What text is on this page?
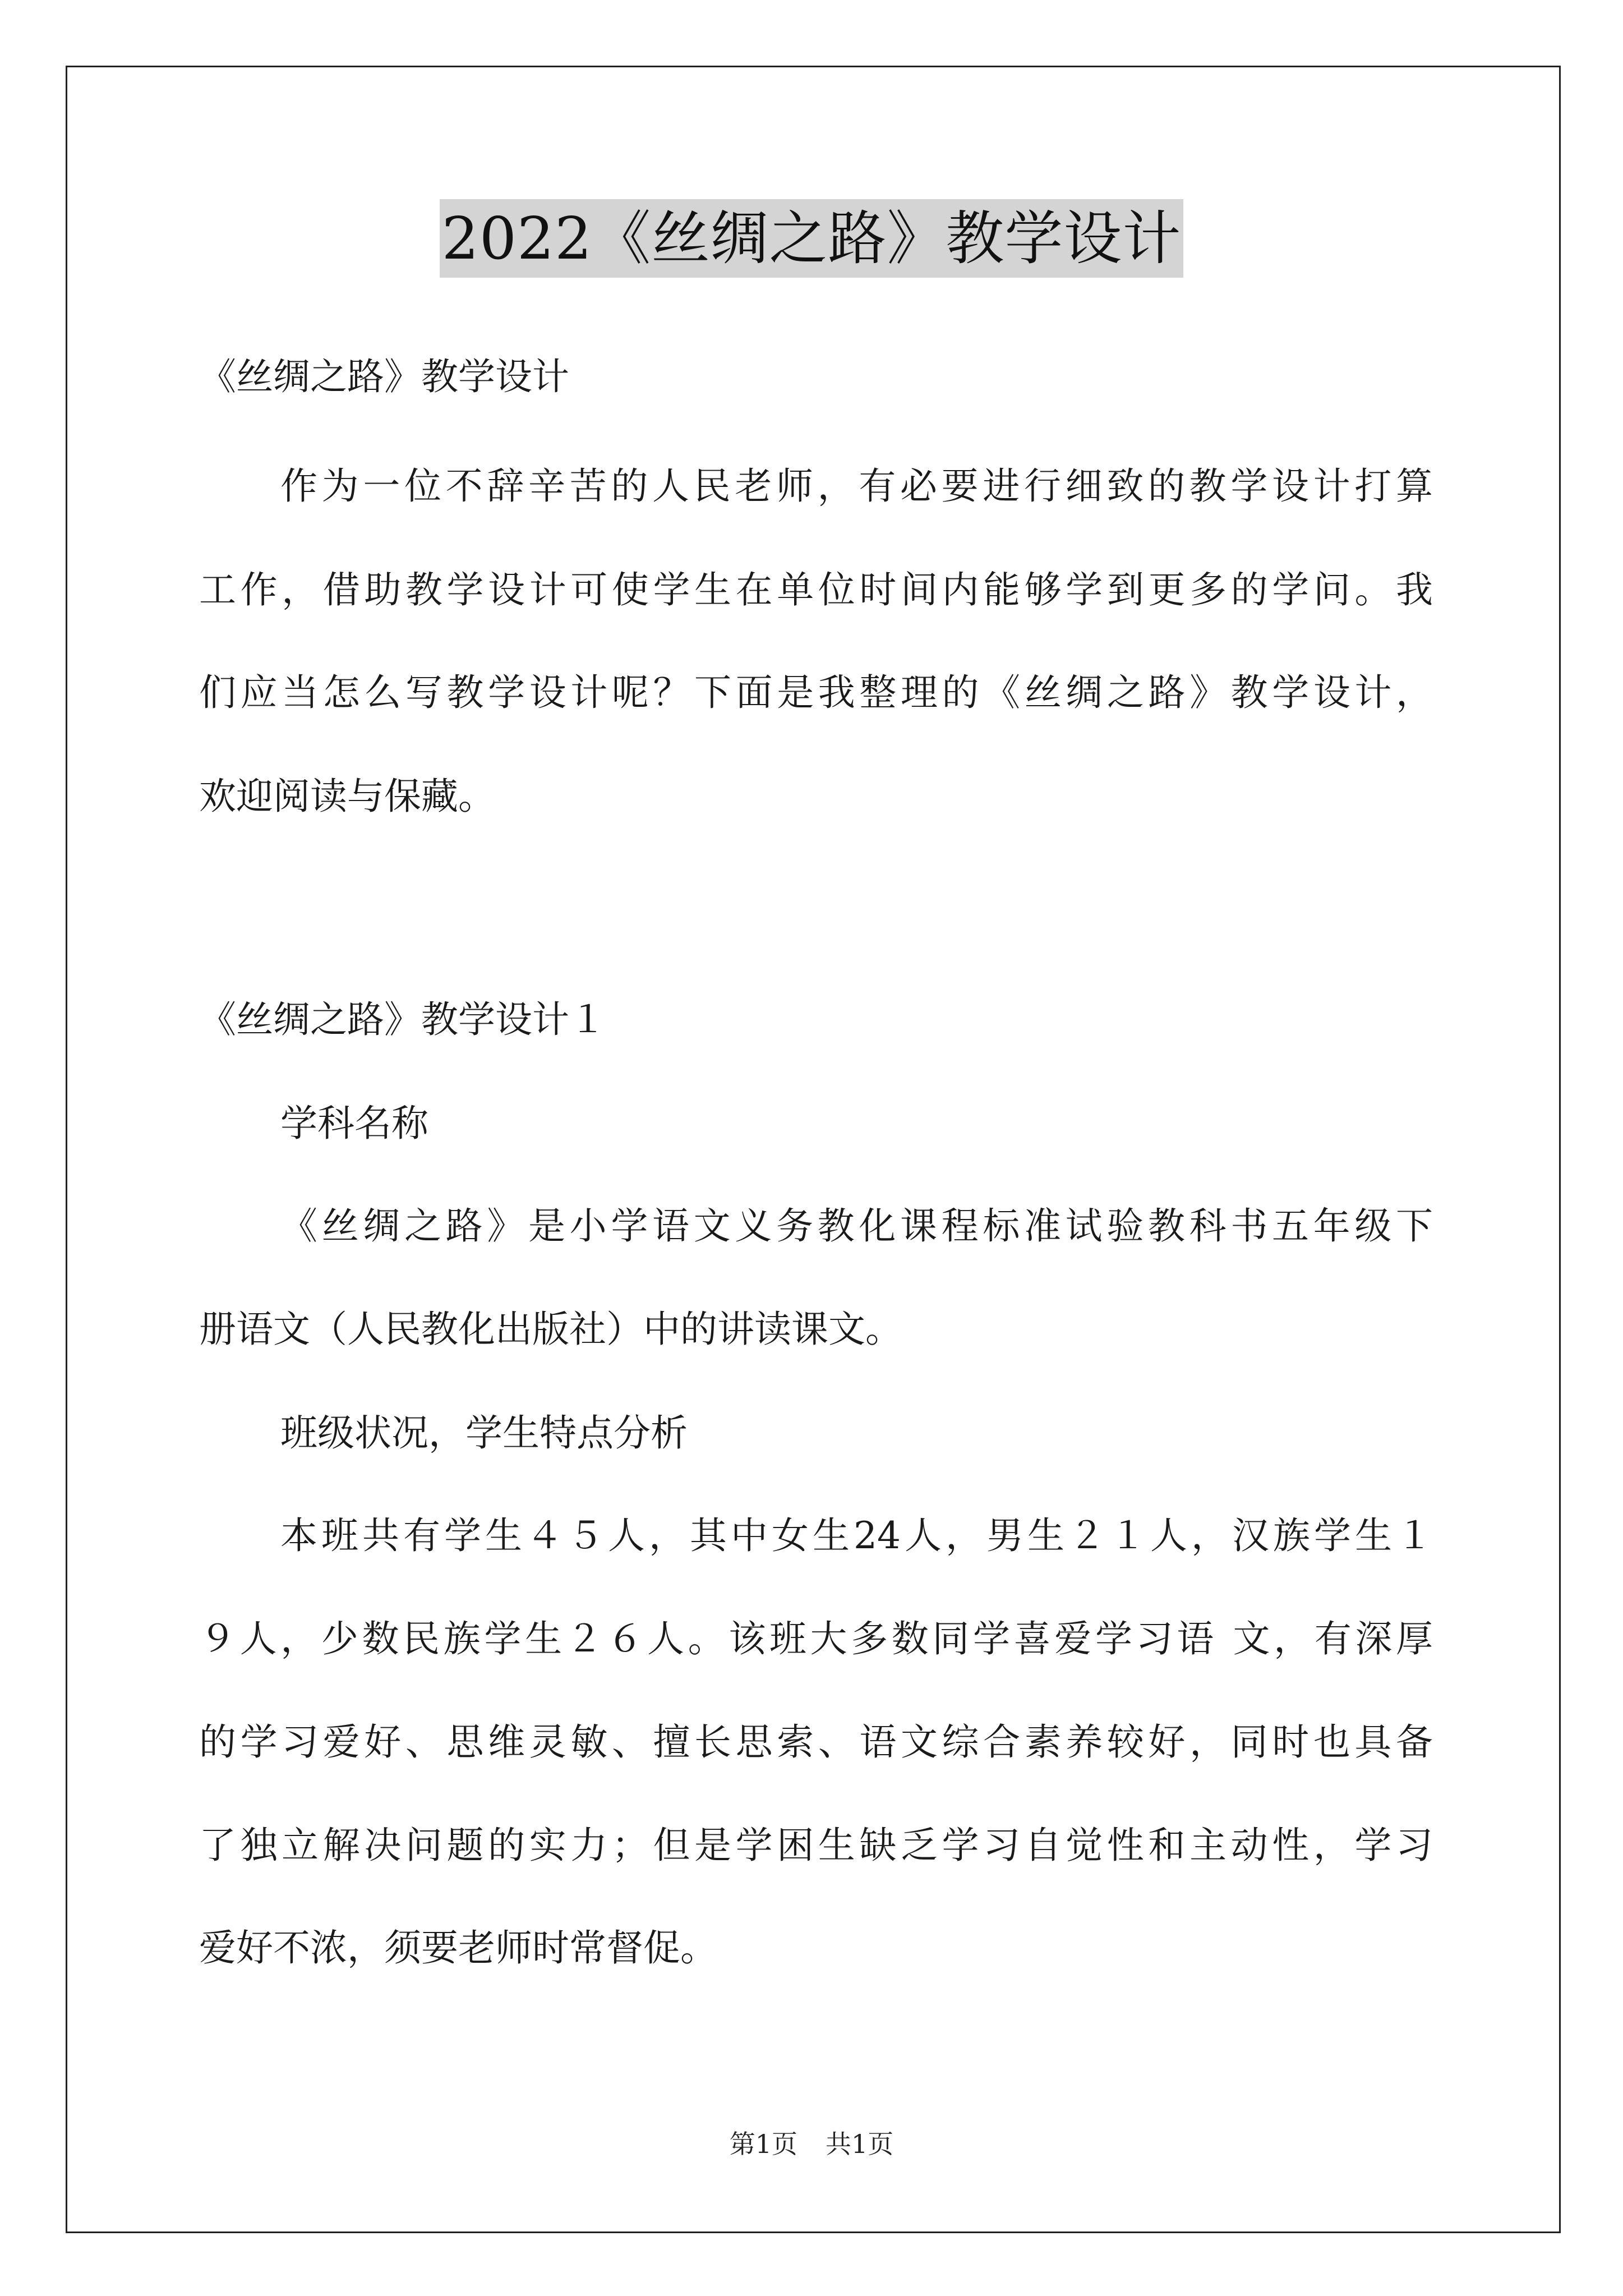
2022《丝绸之路》教学设计
《丝绸之路》教学设计
作为一位不辞辛苦的人民老师，有必要进行细致的教学设计打算
工作，借助教学设计可使学生在单位时间内能够学到更多的学问。我
们应当怎么写教学设计呢？下面是我整理的《丝绸之路》教学设计，
欢迎阅读与保藏。
《丝绸之路》教学设计１
学科名称
《丝绸之路》是小学语文义务教化课程标准试验教科书五年级下
册语文（人民教化出版社）中的讲读课文。
班级状况，学生特点分析
本班共有学生４５人，其中女生24人，男生２１人，汉族学生１
９人，少数民族学生２６人。该班大多数同学喜爱学习语 文，有深厚
的学习爱好、思维灵敏、擅长思索、语文综合素养较好，同时也具备
了独立解决问题的实力；但是学困生缺乏学习自觉性和主动性，学习
爱好不浓，须要老师时常督促。
第1页 共1页
